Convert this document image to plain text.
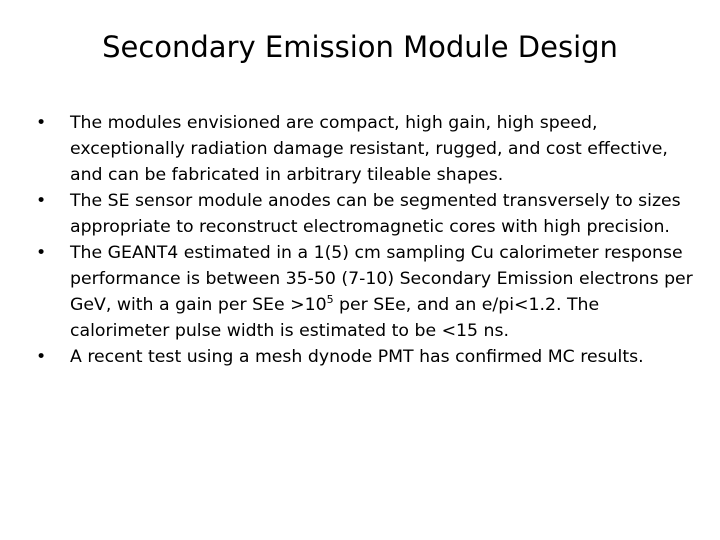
Secondary Emission Module Design
•
The modules envisioned are compact, high gain, high speed, exceptionally radiation damage resistant, rugged, and cost effective, and can be fabricated in arbitrary tileable shapes.
•
The SE sensor module anodes can be segmented transversely to sizes appropriate to reconstruct electromagnetic cores with high precision.
•
The GEANT4 estimated in a 1(5) cm sampling Cu calorimeter response performance is between 35-50 (7-10) Secondary Emission electrons per GeV, with a gain per SEe $>10^5$ per SEe, and an e/pi<1.2. The calorimeter pulse width is estimated to be <15 ns.
•
A recent test using a mesh dynode PMT has confirmed MC results.
